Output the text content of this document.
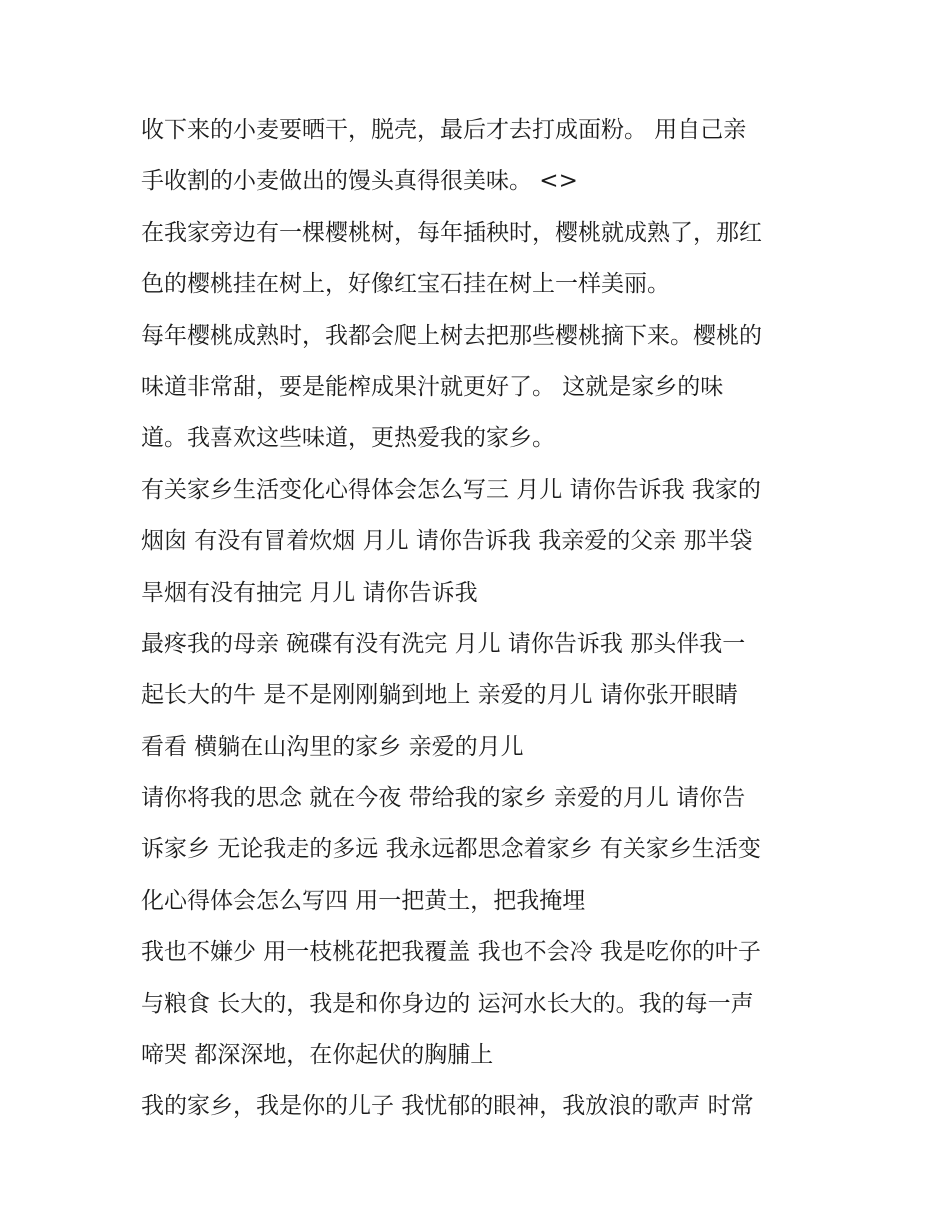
收下来的小麦要晒干，脱壳，最后才去打成面粉。 用自己亲
手收割的小麦做出的馒头真得很美味。 <>
在我家旁边有一棵樱桃树，每年插秧时，樱桃就成熟了，那红
色的樱桃挂在树上，好像红宝石挂在树上一样美丽。
每年樱桃成熟时，我都会爬上树去把那些樱桃摘下来。樱桃的
味道非常甜，要是能榨成果汁就更好了。 这就是家乡的味
道。我喜欢这些味道，更热爱我的家乡。
有关家乡生活变化心得体会怎么写三 月儿 请你告诉我 我家的
烟囱 有没有冒着炊烟 月儿 请你告诉我 我亲爱的父亲 那半袋
旱烟有没有抽完 月儿 请你告诉我
最疼我的母亲 碗碟有没有洗完 月儿 请你告诉我 那头伴我一
起长大的牛 是不是刚刚躺到地上 亲爱的月儿 请你张开眼睛
看看 横躺在山沟里的家乡 亲爱的月儿
请你将我的思念 就在今夜 带给我的家乡 亲爱的月儿 请你告
诉家乡 无论我走的多远 我永远都思念着家乡 有关家乡生活变
化心得体会怎么写四 用一把黄土，把我掩埋
我也不嫌少 用一枝桃花把我覆盖 我也不会冷 我是吃你的叶子
与粮食 长大的，我是和你身边的 运河水长大的。我的每一声
啼哭 都深深地，在你起伏的胸脯上
我的家乡，我是你的儿子 我忧郁的眼神，我放浪的歌声 时常
